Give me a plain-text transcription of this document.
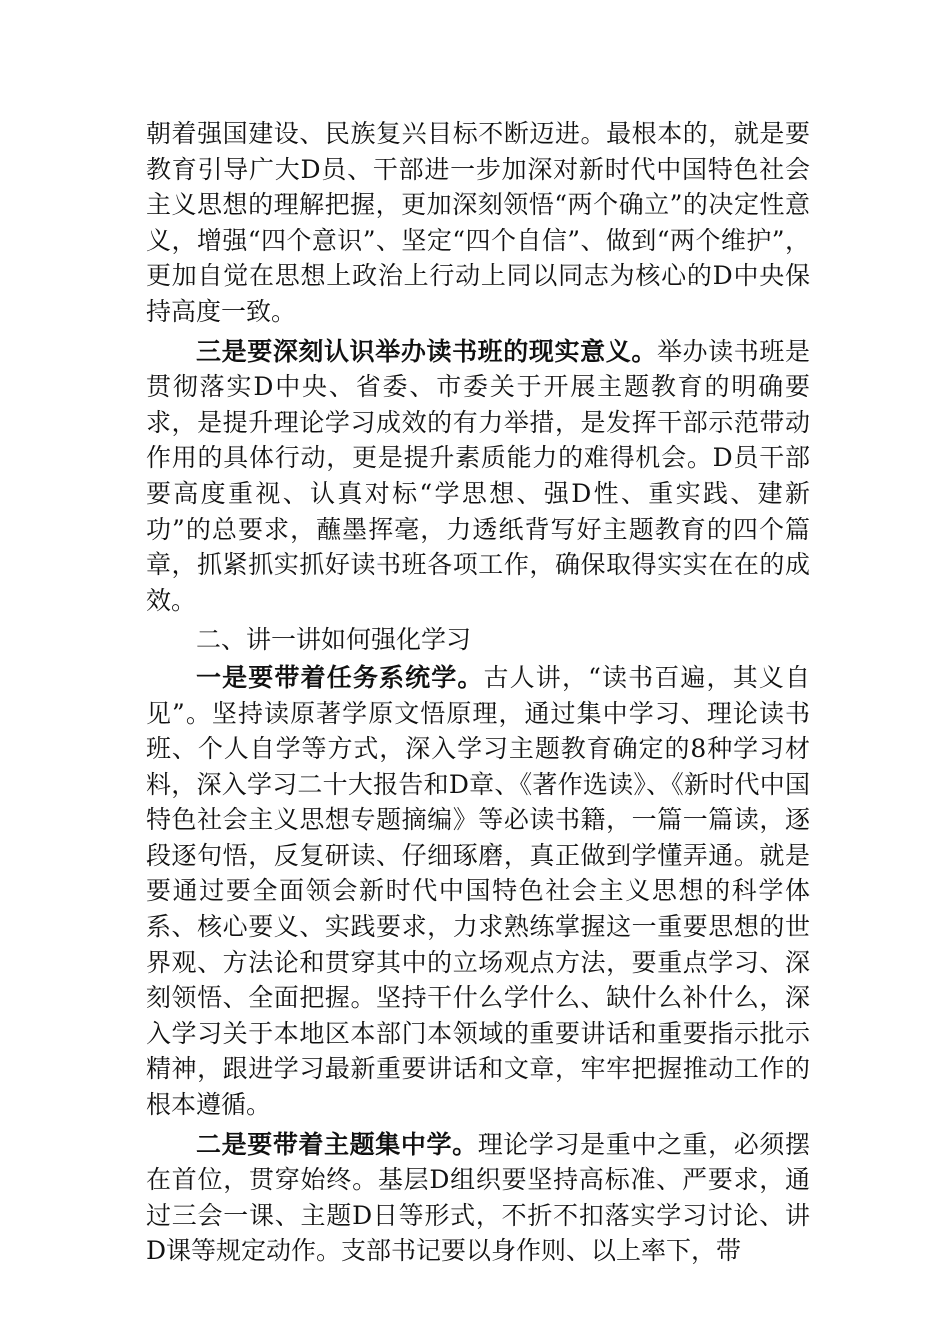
朝着强国建设、民族复兴目标不断迈进。最根本的，就是要教育引导广大D员、干部进一步加深对新时代中国特色社会主义思想的理解把握，更加深刻领悟“两个确立”的决定性意义，增强“四个意识”、坚定“四个自信”、做到“两个维护”，更加自觉在思想上政治上行动上同以同志为核心的D中央保持高度一致。

三是要深刻认识举办读书班的现实意义。举办读书班是贯彻落实D中央、省委、市委关于开展主题教育的明确要求，是提升理论学习成效的有力举措，是发挥干部示范带动作用的具体行动，更是提升素质能力的难得机会。D员干部要高度重视、认真对标“学思想、强D性、重实践、建新功”的总要求，蘸墨挥毫，力透纸背写好主题教育的四个篇章，抓紧抓实抓好读书班各项工作，确保取得实实在在的成效。

二、讲一讲如何强化学习

一是要带着任务系统学。古人讲，“读书百遍，其义自见”。坚持读原著学原文悟原理，通过集中学习、理论读书班、个人自学等方式，深入学习主题教育确定的8种学习材料，深入学习二十大报告和D章、《著作选读》、《新时代中国特色社会主义思想专题摘编》等必读书籍，一篇一篇读，逐段逐句悟，反复研读、仔细琢磨，真正做到学懂弄通。就是要通过要全面领会新时代中国特色社会主义思想的科学体系、核心要义、实践要求，力求熟练掌握这一重要思想的世界观、方法论和贯穿其中的立场观点方法，要重点学习、深刻领悟、全面把握。坚持干什么学什么、缺什么补什么，深入学习关于本地区本部门本领域的重要讲话和重要指示批示精神，跟进学习最新重要讲话和文章，牢牢把握推动工作的根本遵循。

二是要带着主题集中学。理论学习是重中之重，必须摆在首位，贯穿始终。基层D组织要坚持高标准、严要求，通过三会一课、主题D日等形式，不折不扣落实学习讨论、讲D课等规定动作。支部书记要以身作则、以上率下，带
